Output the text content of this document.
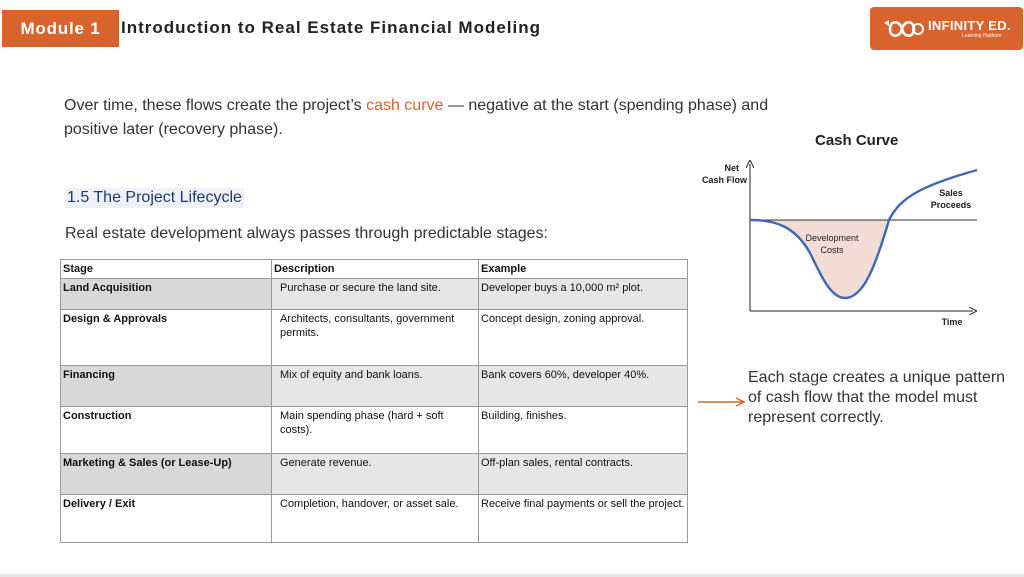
Module 1 Introduction to Real Estate Financial Modeling	INFINITY ED.
Learning Platform

Over time, these flows create the project’s cash curve — negative at the start (spending phase) and positive later (recovery phase).

1.5 The Project Lifecycle
Real estate development always passes through predictable stages:
Stage	Description	Example
Land Acquisition	Purchase or secure the land site.	Developer buys a 10,000 m² plot.
Design & Approvals	Architects, consultants, government permits.	Concept design, zoning approval.
Financing	Mix of equity and bank loans.	Bank covers 60%, developer 40%.
Construction	Main spending phase (hard + soft costs).	Building, finishes.
Marketing & Sales (or Lease-Up)	Generate revenue.	Off-plan sales, rental contracts.
Delivery / Exit	Completion, handover, or asset sale.	Receive final payments or sell the project.
Cash Curve
Net
Cash Flow
Time
Development
Costs
Sales
Proceeds

Each stage creates a unique pattern of cash flow that the model must represent correctly.
